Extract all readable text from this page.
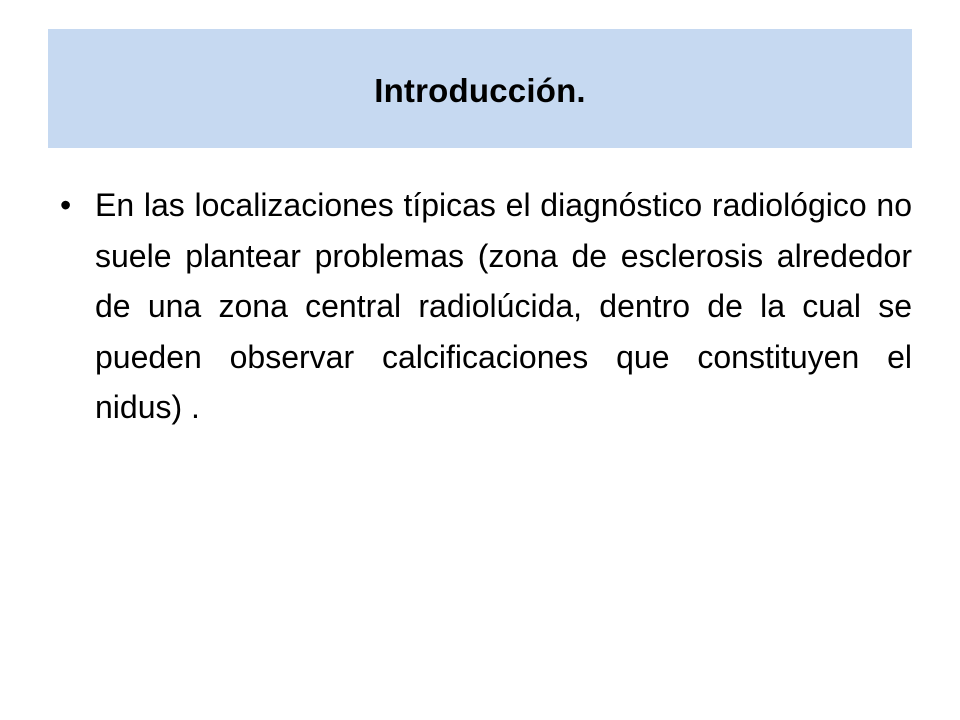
Introducción.
• En las localizaciones típicas el diagnóstico radiológico no suele plantear problemas (zona de esclerosis alrededor de una zona central radiolúcida, dentro de la cual se pueden observar calcificaciones que constituyen el nidus) .
